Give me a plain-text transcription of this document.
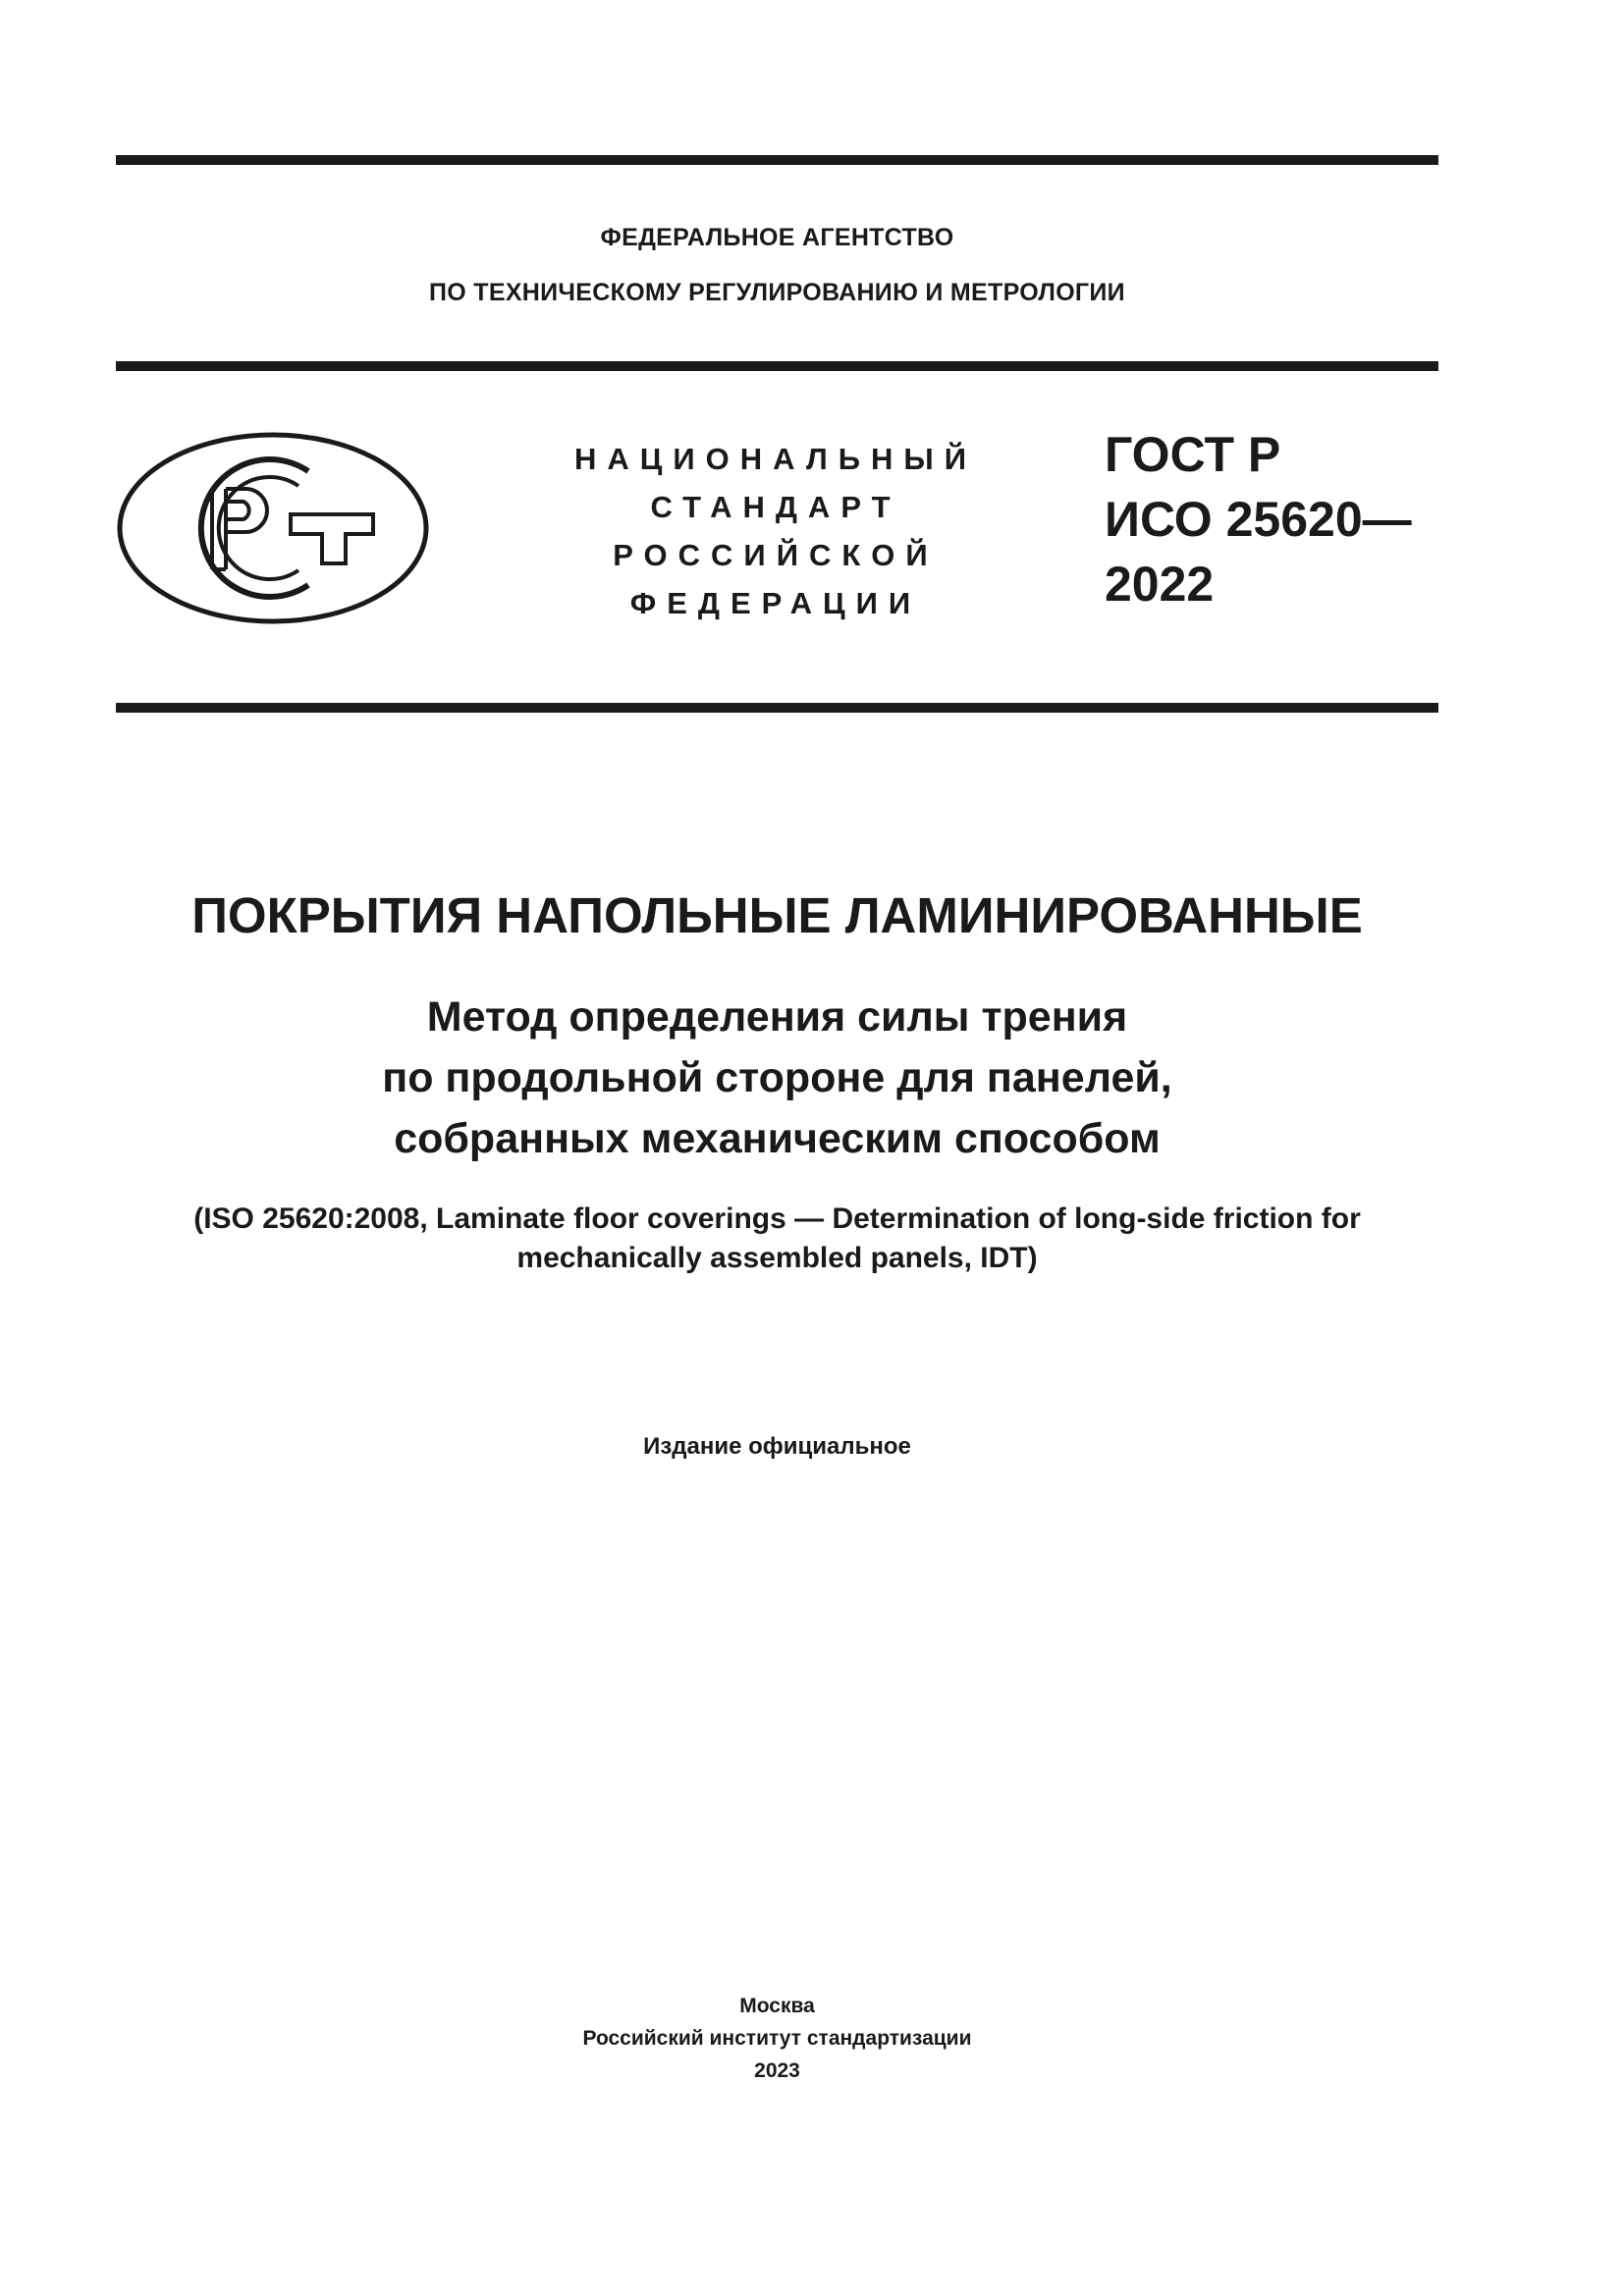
ФЕДЕРАЛЬНОЕ АГЕНТСТВО
ПО ТЕХНИЧЕСКОМУ РЕГУЛИРОВАНИЮ И МЕТРОЛОГИИ
НАЦИОНАЛЬНЫЙ
СТАНДАРТ
РОССИЙСКОЙ
ФЕДЕРАЦИИ
ГОСТ Р
ИСО 25620—
2022
ПОКРЫТИЯ НАПОЛЬНЫЕ ЛАМИНИРОВАННЫЕ
Метод определения силы трения
по продольной стороне для панелей,
собранных механическим способом
(ISO 25620:2008, Laminate floor coverings — Determination of long-side friction for
mechanically assembled panels, IDT)
Издание официальное
Москва
Российский институт стандартизации
2023
